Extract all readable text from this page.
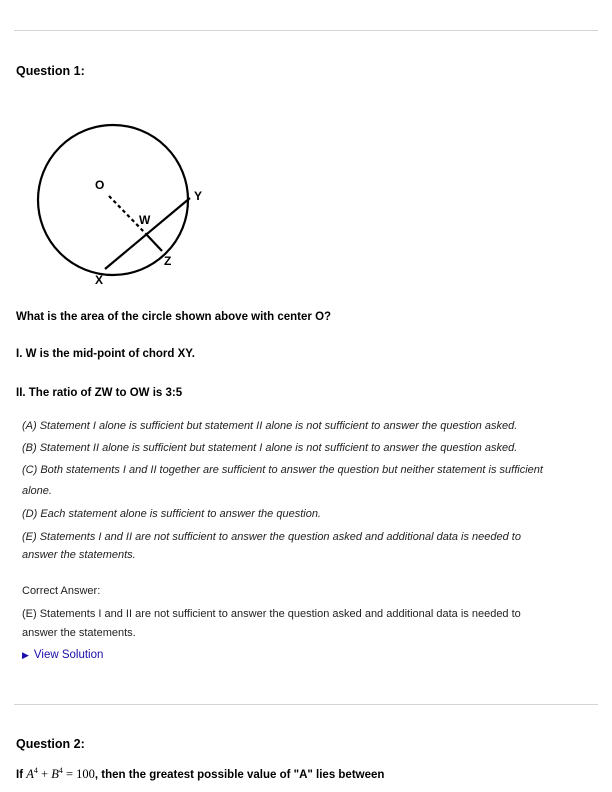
Question 1:
O
W
Y
Z
X
What is the area of the circle shown above with center O?
I. W is the mid-point of chord XY.
II. The ratio of ZW to OW is 3:5
(A) Statement I alone is sufficient but statement II alone is not sufficient to answer the question asked.
(B) Statement II alone is sufficient but statement I alone is not sufficient to answer the question asked.
(C) Both statements I and II together are sufficient to answer the question but neither statement is sufficient
alone.
(D) Each statement alone is sufficient to answer the question.
(E) Statements I and II are not sufficient to answer the question asked and additional data is needed to
answer the statements.
Correct Answer:
(E) Statements I and II are not sufficient to answer the question asked and additional data is needed to
answer the statements.
▶ View Solution
Question 2:
If $A^4 + B^4 = 100$, then the greatest possible value of "A" lies between
